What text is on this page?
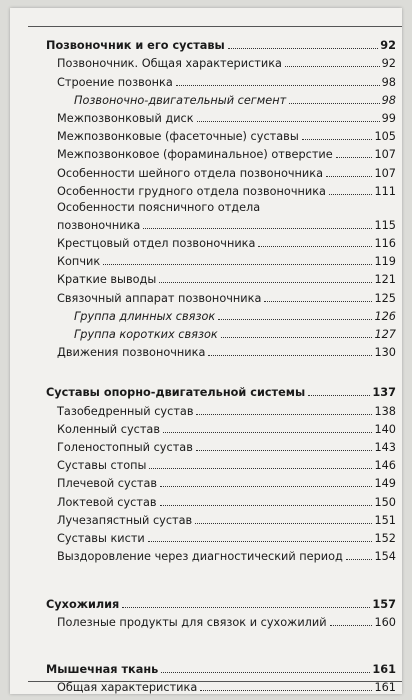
Позвоночник и его суставы	92
Позвоночник. Общая характеристика	92
Строение позвонка	98
Позвоночно-двигательный сегмент	98
Межпозвонковый диск	99
Межпозвонковые (фасеточные) суставы	105
Межпозвонковое (фораминальное) отверстие	107
Особенности шейного отдела позвоночника	107
Особенности грудного отдела позвоночника	111
Особенности поясничного отдела
позвоночника	115
Крестцовый отдел позвоночника	116
Копчик	119
Краткие выводы	121
Связочный аппарат позвоночника	125
Группа длинных связок	126
Группа коротких связок	127
Движения позвоночника	130
Суставы опорно-двигательной системы	137
Тазобедренный сустав	138
Коленный сустав	140
Голеностопный сустав	143
Суставы стопы	146
Плечевой сустав	149
Локтевой сустав	150
Лучезапястный сустав	151
Суставы кисти	152
Выздоровление через диагностический период	154
Сухожилия	157
Полезные продукты для связок и сухожилий	160
Мышечная ткань	161
Общая характеристика	161
